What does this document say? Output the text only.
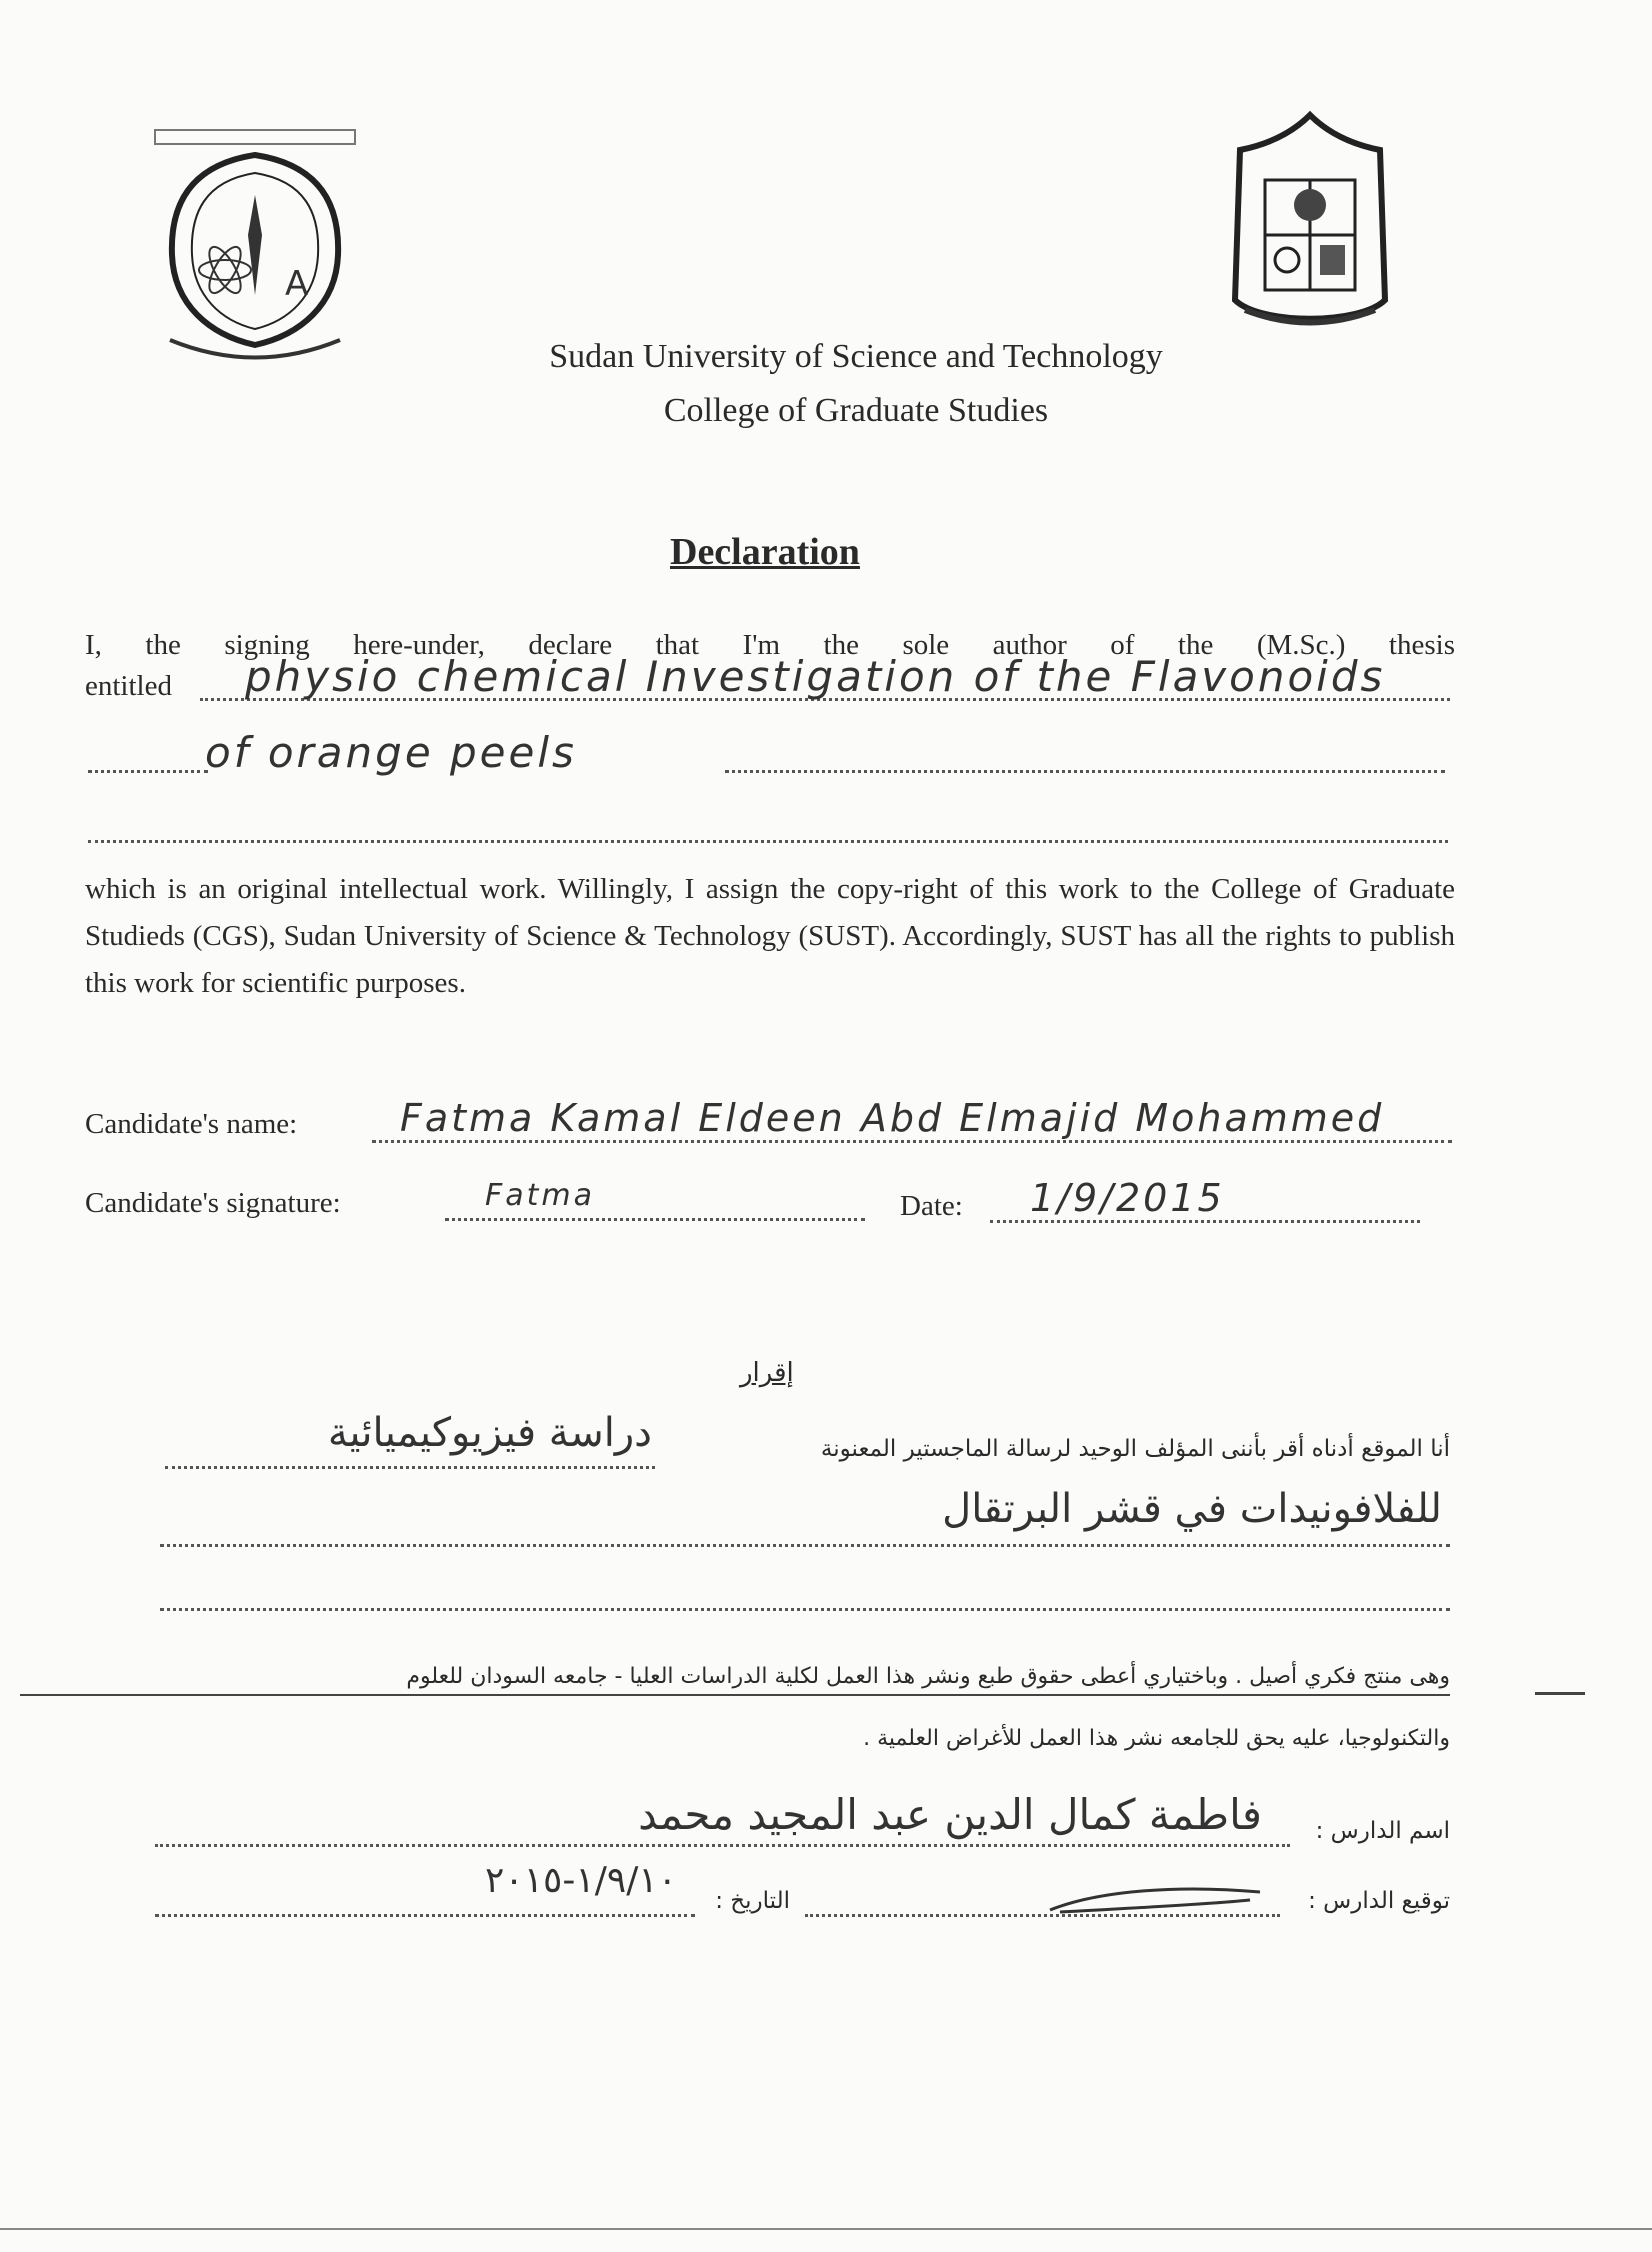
A
Sudan University of Science and Technology
College of Graduate Studies
Declaration
I, the signing here-under, declare that I'm the sole author of the (M.Sc.) thesis
entitled physio chemical Investigation of the Flavonoids
of orange peels
which is an original intellectual work. Willingly, I assign the copy-right of this work to the College of Graduate Studieds (CGS), Sudan University of Science & Technology (SUST). Accordingly, SUST has all the rights to publish this work for scientific purposes.
Candidate's name:	Fatma Kamal Eldeen Abd Elmajid Mohammed
Candidate's signature:	Fatma	Date: 1/9/2015
إقرار
أنا الموقع أدناه أقر بأننى المؤلف الوحيد لرسالة الماجستير المعنونة
دراسة فيزيوكيميائية
للفلافونيدات في قشر البرتقال
وهى منتج فكري أصيل . وباختياري أعطى حقوق طبع ونشر هذا العمل لكلية الدراسات العليا - جامعه السودان للعلوم
والتكنولوجيا، عليه يحق للجامعه نشر هذا العمل للأغراض العلمية .
اسم الدارس :
فاطمة كمال الدين عبد المجيد محمد
توقيع الدارس :
التاريخ :
١/٩/١٠-٢٠١٥
